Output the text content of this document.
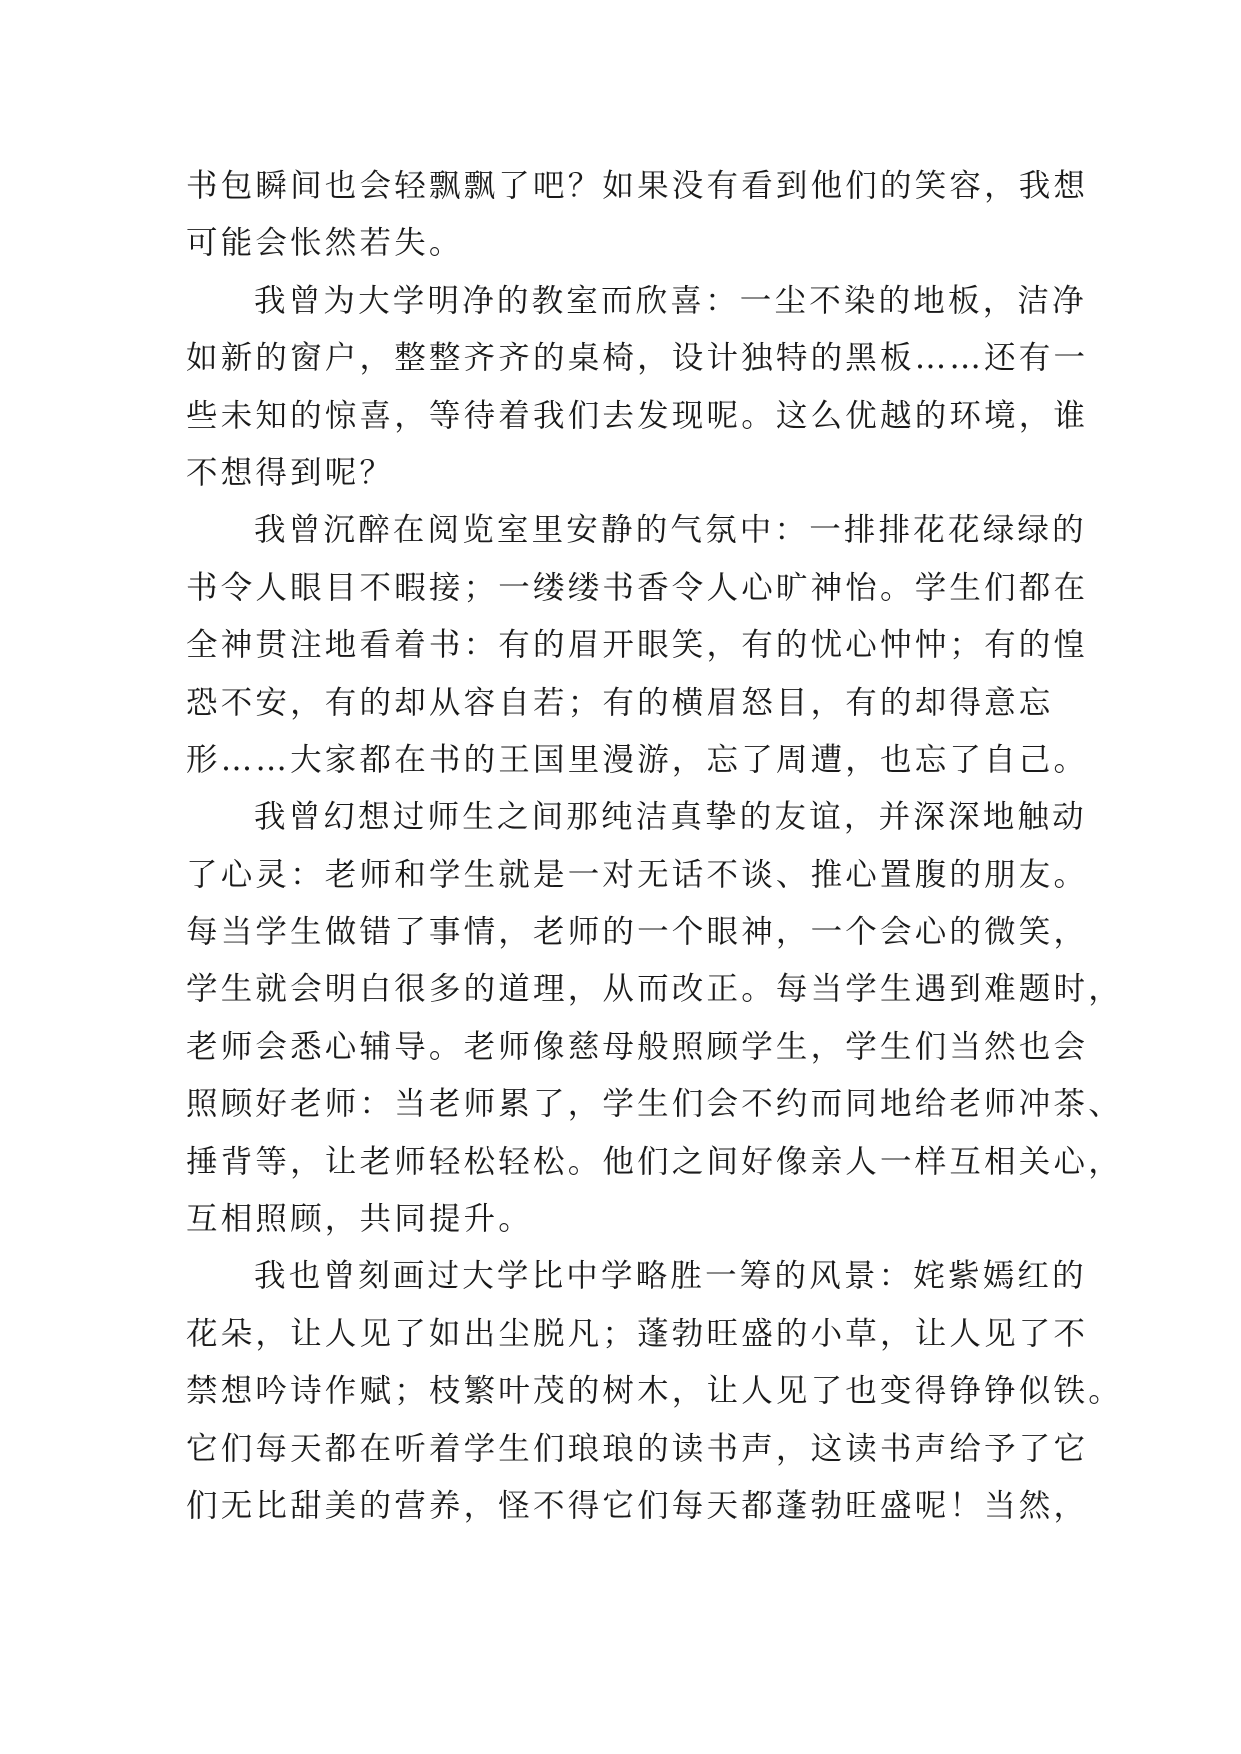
书包瞬间也会轻飘飘了吧？如果没有看到他们的笑容，我想
可能会怅然若失。
我曾为大学明净的教室而欣喜：一尘不染的地板，洁净
如新的窗户，整整齐齐的桌椅，设计独特的黑板……还有一
些未知的惊喜，等待着我们去发现呢。这么优越的环境，谁
不想得到呢？
我曾沉醉在阅览室里安静的气氛中：一排排花花绿绿的
书令人眼目不暇接；一缕缕书香令人心旷神怡。学生们都在
全神贯注地看着书：有的眉开眼笑，有的忧心忡忡；有的惶
恐不安，有的却从容自若；有的横眉怒目，有的却得意忘
形……大家都在书的王国里漫游，忘了周遭，也忘了自己。
我曾幻想过师生之间那纯洁真挚的友谊，并深深地触动
了心灵：老师和学生就是一对无话不谈、推心置腹的朋友。
每当学生做错了事情，老师的一个眼神，一个会心的微笑，
学生就会明白很多的道理，从而改正。每当学生遇到难题时，
老师会悉心辅导。老师像慈母般照顾学生，学生们当然也会
照顾好老师：当老师累了，学生们会不约而同地给老师冲茶、
捶背等，让老师轻松轻松。他们之间好像亲人一样互相关心，
互相照顾，共同提升。
我也曾刻画过大学比中学略胜一筹的风景：姹紫嫣红的
花朵，让人见了如出尘脱凡；蓬勃旺盛的小草，让人见了不
禁想吟诗作赋；枝繁叶茂的树木，让人见了也变得铮铮似铁。
它们每天都在听着学生们琅琅的读书声，这读书声给予了它
们无比甜美的营养，怪不得它们每天都蓬勃旺盛呢！当然，
